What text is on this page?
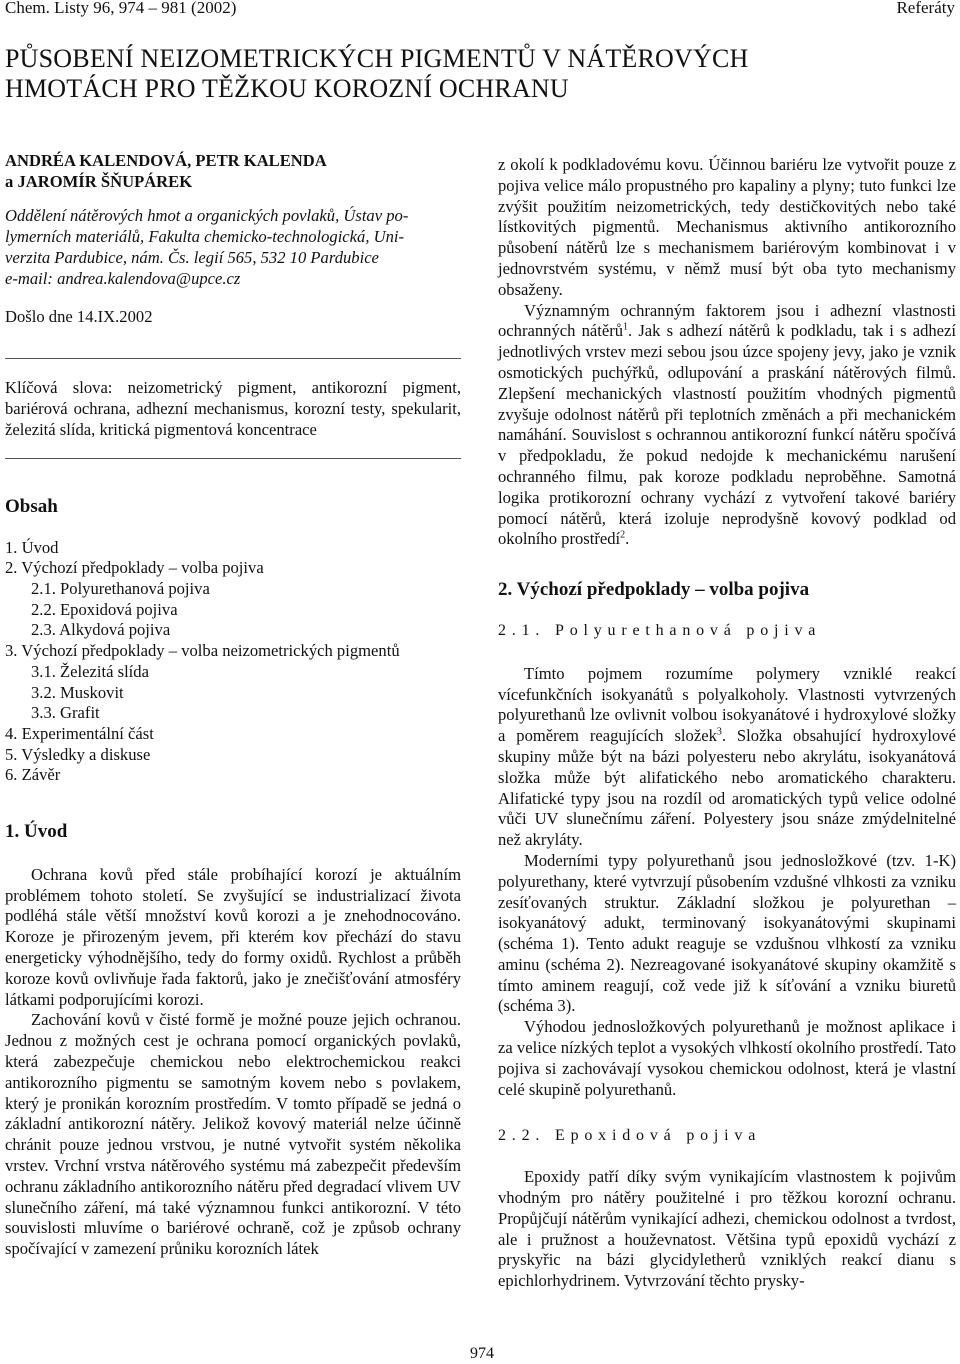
Chem. Listy 96, 974 – 981 (2002)	Referáty
PŮSOBENÍ NEIZOMETRICKÝCH PIGMENTŮ V NÁTĚROVÝCH
HMOTÁCH PRO TĚŽKOU KOROZNÍ OCHRANU
ANDRÉA KALENDOVÁ, PETR KALENDA
a JAROMÍR ŠŇUPÁREK
Oddělení nátěrových hmot a organických povlaků, Ústav po-
lymerních materiálů, Fakulta chemicko-technologická, Uni-
verzita Pardubice, nám. Čs. legií 565, 532 10 Pardubice
e-mail: andrea.kalendova@upce.cz
Došlo dne 14.IX.2002

Klíčová slova: neizometrický pigment, antikorozní pigment, bariérová ochrana, adhezní mechanismus, korozní testy, spekularit, železitá slída, kritická pigmentová koncentrace

Obsah
1. Úvod
2. Výchozí předpoklady – volba pojiva
2.1. Polyurethanová pojiva
2.2. Epoxidová pojiva
2.3. Alkydová pojiva
3. Výchozí předpoklady – volba neizometrických pigmentů
3.1. Železitá slída
3.2. Muskovit
3.3. Grafit
4. Experimentální část
5. Výsledky a diskuse
6. Závěr
1. Úvod

Ochrana kovů před stále probíhající korozí je aktuálním problémem tohoto století. Se zvyšující se industrializací života podléhá stále větší množství kovů korozi a je znehodnocováno. Koroze je přirozeným jevem, při kterém kov přechází do stavu energeticky výhodnějšího, tedy do formy oxidů. Rychlost a průběh koroze kovů ovlivňuje řada faktorů, jako je znečišťování atmosféry látkami podporujícími korozi.

Zachování kovů v čisté formě je možné pouze jejich ochranou. Jednou z možných cest je ochrana pomocí organických povlaků, která zabezpečuje chemickou nebo elektrochemickou reakci antikorozního pigmentu se samotným kovem nebo s povlakem, který je pronikán korozním prostředím. V tomto případě se jedná o základní antikorozní nátěry. Jelikož kovový materiál nelze účinně chránit pouze jednou vrstvou, je nutné vytvořit systém několika vrstev. Vrchní vrstva nátěrového systému má zabezpečit především ochranu základního antikorozního nátěru před degradací vlivem UV slunečního záření, má také významnou funkci antikorozní. V této souvislosti mluvíme o bariérové ochraně, což je způsob ochrany spočívající v zamezení průniku korozních látek

z okolí k podkladovému kovu. Účinnou bariéru lze vytvořit pouze z pojiva velice málo propustného pro kapaliny a plyny; tuto funkci lze zvýšit použitím neizometrických, tedy destičkovitých nebo také lístkovitých pigmentů. Mechanismus aktivního antikorozního působení nátěrů lze s mechanismem bariérovým kombinovat i v jednovrstvém systému, v němž musí být oba tyto mechanismy obsaženy.

Významným ochranným faktorem jsou i adhezní vlastnosti ochranných nátěrů$^1$. Jak s adhezí nátěrů k podkladu, tak i s adhezí jednotlivých vrstev mezi sebou jsou úzce spojeny jevy, jako je vznik osmotických puchýřků, odlupování a praskání nátěrových filmů. Zlepšení mechanických vlastností použitím vhodných pigmentů zvyšuje odolnost nátěrů při teplotních změnách a při mechanickém namáhání. Souvislost s ochrannou antikorozní funkcí nátěru spočívá v předpokladu, že pokud nedojde k mechanickému narušení ochranného filmu, pak koroze podkladu neproběhne. Samotná logika protikorozní ochrany vychází z vytvoření takové bariéry pomocí nátěrů, která izoluje neprodyšně kovový podklad od okolního prostředí$^2$.

2. Výchozí předpoklady – volba pojiva
2.1. Polyurethanová pojiva

Tímto pojmem rozumíme polymery vzniklé reakcí vícefunkčních isokyanátů s polyalkoholy. Vlastnosti vytvrzených polyurethanů lze ovlivnit volbou isokyanátové i hydroxylové složky a poměrem reagujících složek$^3$. Složka obsahující hydroxylové skupiny může být na bázi polyesteru nebo akrylátu, isokyanátová složka může být alifatického nebo aromatického charakteru. Alifatické typy jsou na rozdíl od aromatických typů velice odolné vůči UV slunečnímu záření. Polyestery jsou snáze zmýdelnitelné než akryláty.

Moderními typy polyurethanů jsou jednosložkové (tzv. 1-K) polyurethany, které vytvrzují působením vzdušné vlhkosti za vzniku zesíťovaných struktur. Základní složkou je polyurethan – isokyanátový adukt, terminovaný isokyanátovými skupinami (schéma 1). Tento adukt reaguje se vzdušnou vlhkostí za vzniku aminu (schéma 2). Nezreagované isokyanátové skupiny okamžitě s tímto aminem reagují, což vede již k síťování a vzniku biuretů (schéma 3).

Výhodou jednosložkových polyurethanů je možnost aplikace i za velice nízkých teplot a vysokých vlhkostí okolního prostředí. Tato pojiva si zachovávají vysokou chemickou odolnost, která je vlastní celé skupině polyurethanů.

2.2. Epoxidová pojiva

Epoxidy patří díky svým vynikajícím vlastnostem k pojivům vhodným pro nátěry použitelné i pro těžkou korozní ochranu. Propůjčují nátěrům vynikající adhezi, chemickou odolnost a tvrdost, ale i pružnost a houževnatost. Většina typů epoxidů vychází z pryskyřic na bázi glycidyletherů vzniklých reakcí dianu s epichlorhydrinem. Vytvrzování těchto prysky-

974
